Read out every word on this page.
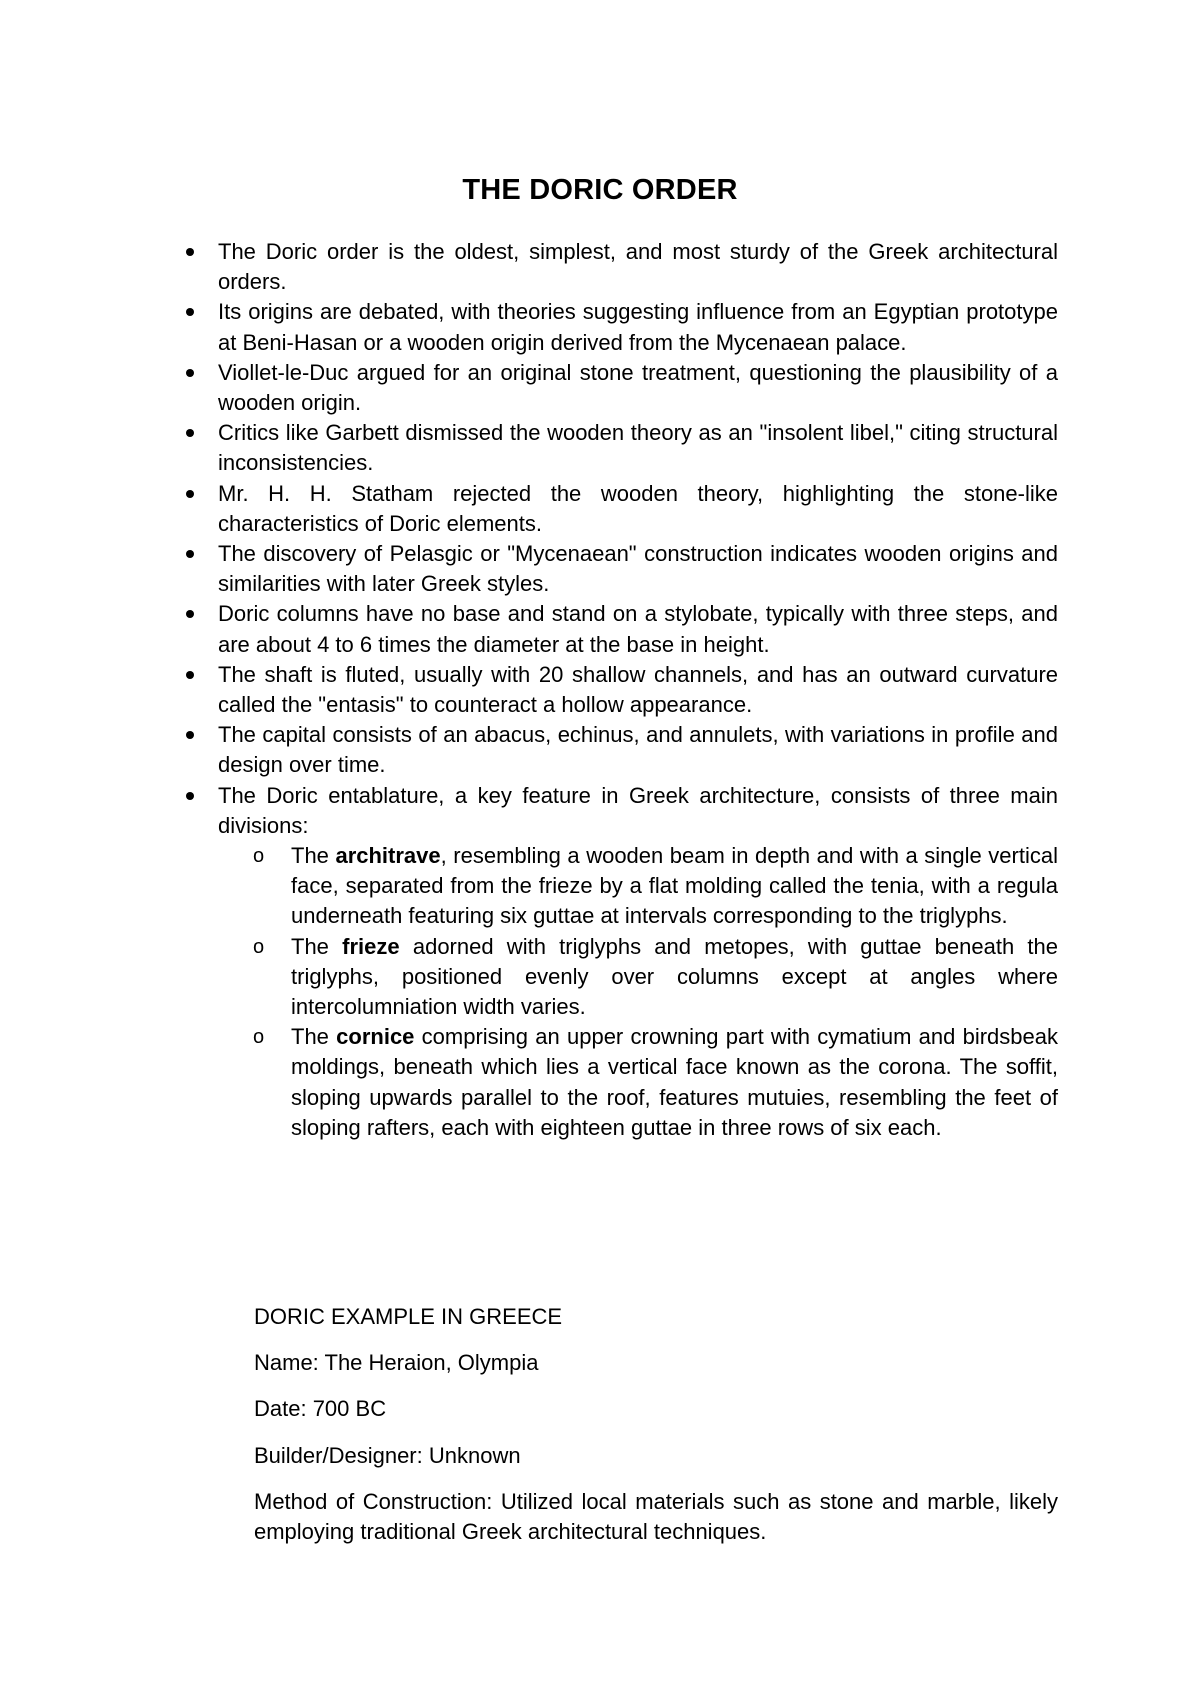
THE DORIC ORDER
The Doric order is the oldest, simplest, and most sturdy of the Greek architectural orders.
Its origins are debated, with theories suggesting influence from an Egyptian prototype at Beni-Hasan or a wooden origin derived from the Mycenaean palace.
Viollet-le-Duc argued for an original stone treatment, questioning the plausibility of a wooden origin.
Critics like Garbett dismissed the wooden theory as an "insolent libel," citing structural inconsistencies.
Mr. H. H. Statham rejected the wooden theory, highlighting the stone-like characteristics of Doric elements.
The discovery of Pelasgic or "Mycenaean" construction indicates wooden origins and similarities with later Greek styles.
Doric columns have no base and stand on a stylobate, typically with three steps, and are about 4 to 6 times the diameter at the base in height.
The shaft is fluted, usually with 20 shallow channels, and has an outward curvature called the "entasis" to counteract a hollow appearance.
The capital consists of an abacus, echinus, and annulets, with variations in profile and design over time.
The Doric entablature, a key feature in Greek architecture, consists of three main divisions:
o The architrave, resembling a wooden beam in depth and with a single vertical face, separated from the frieze by a flat molding called the tenia, with a regula underneath featuring six guttae at intervals corresponding to the triglyphs.
o The frieze adorned with triglyphs and metopes, with guttae beneath the triglyphs, positioned evenly over columns except at angles where intercolumniation width varies.
o The cornice comprising an upper crowning part with cymatium and birdsbeak moldings, beneath which lies a vertical face known as the corona. The soffit, sloping upwards parallel to the roof, features mutuies, resembling the feet of sloping rafters, each with eighteen guttae in three rows of six each.

DORIC EXAMPLE IN GREECE

Name: The Heraion, Olympia

Date: 700 BC

Builder/Designer: Unknown

Method of Construction: Utilized local materials such as stone and marble, likely employing traditional Greek architectural techniques.
